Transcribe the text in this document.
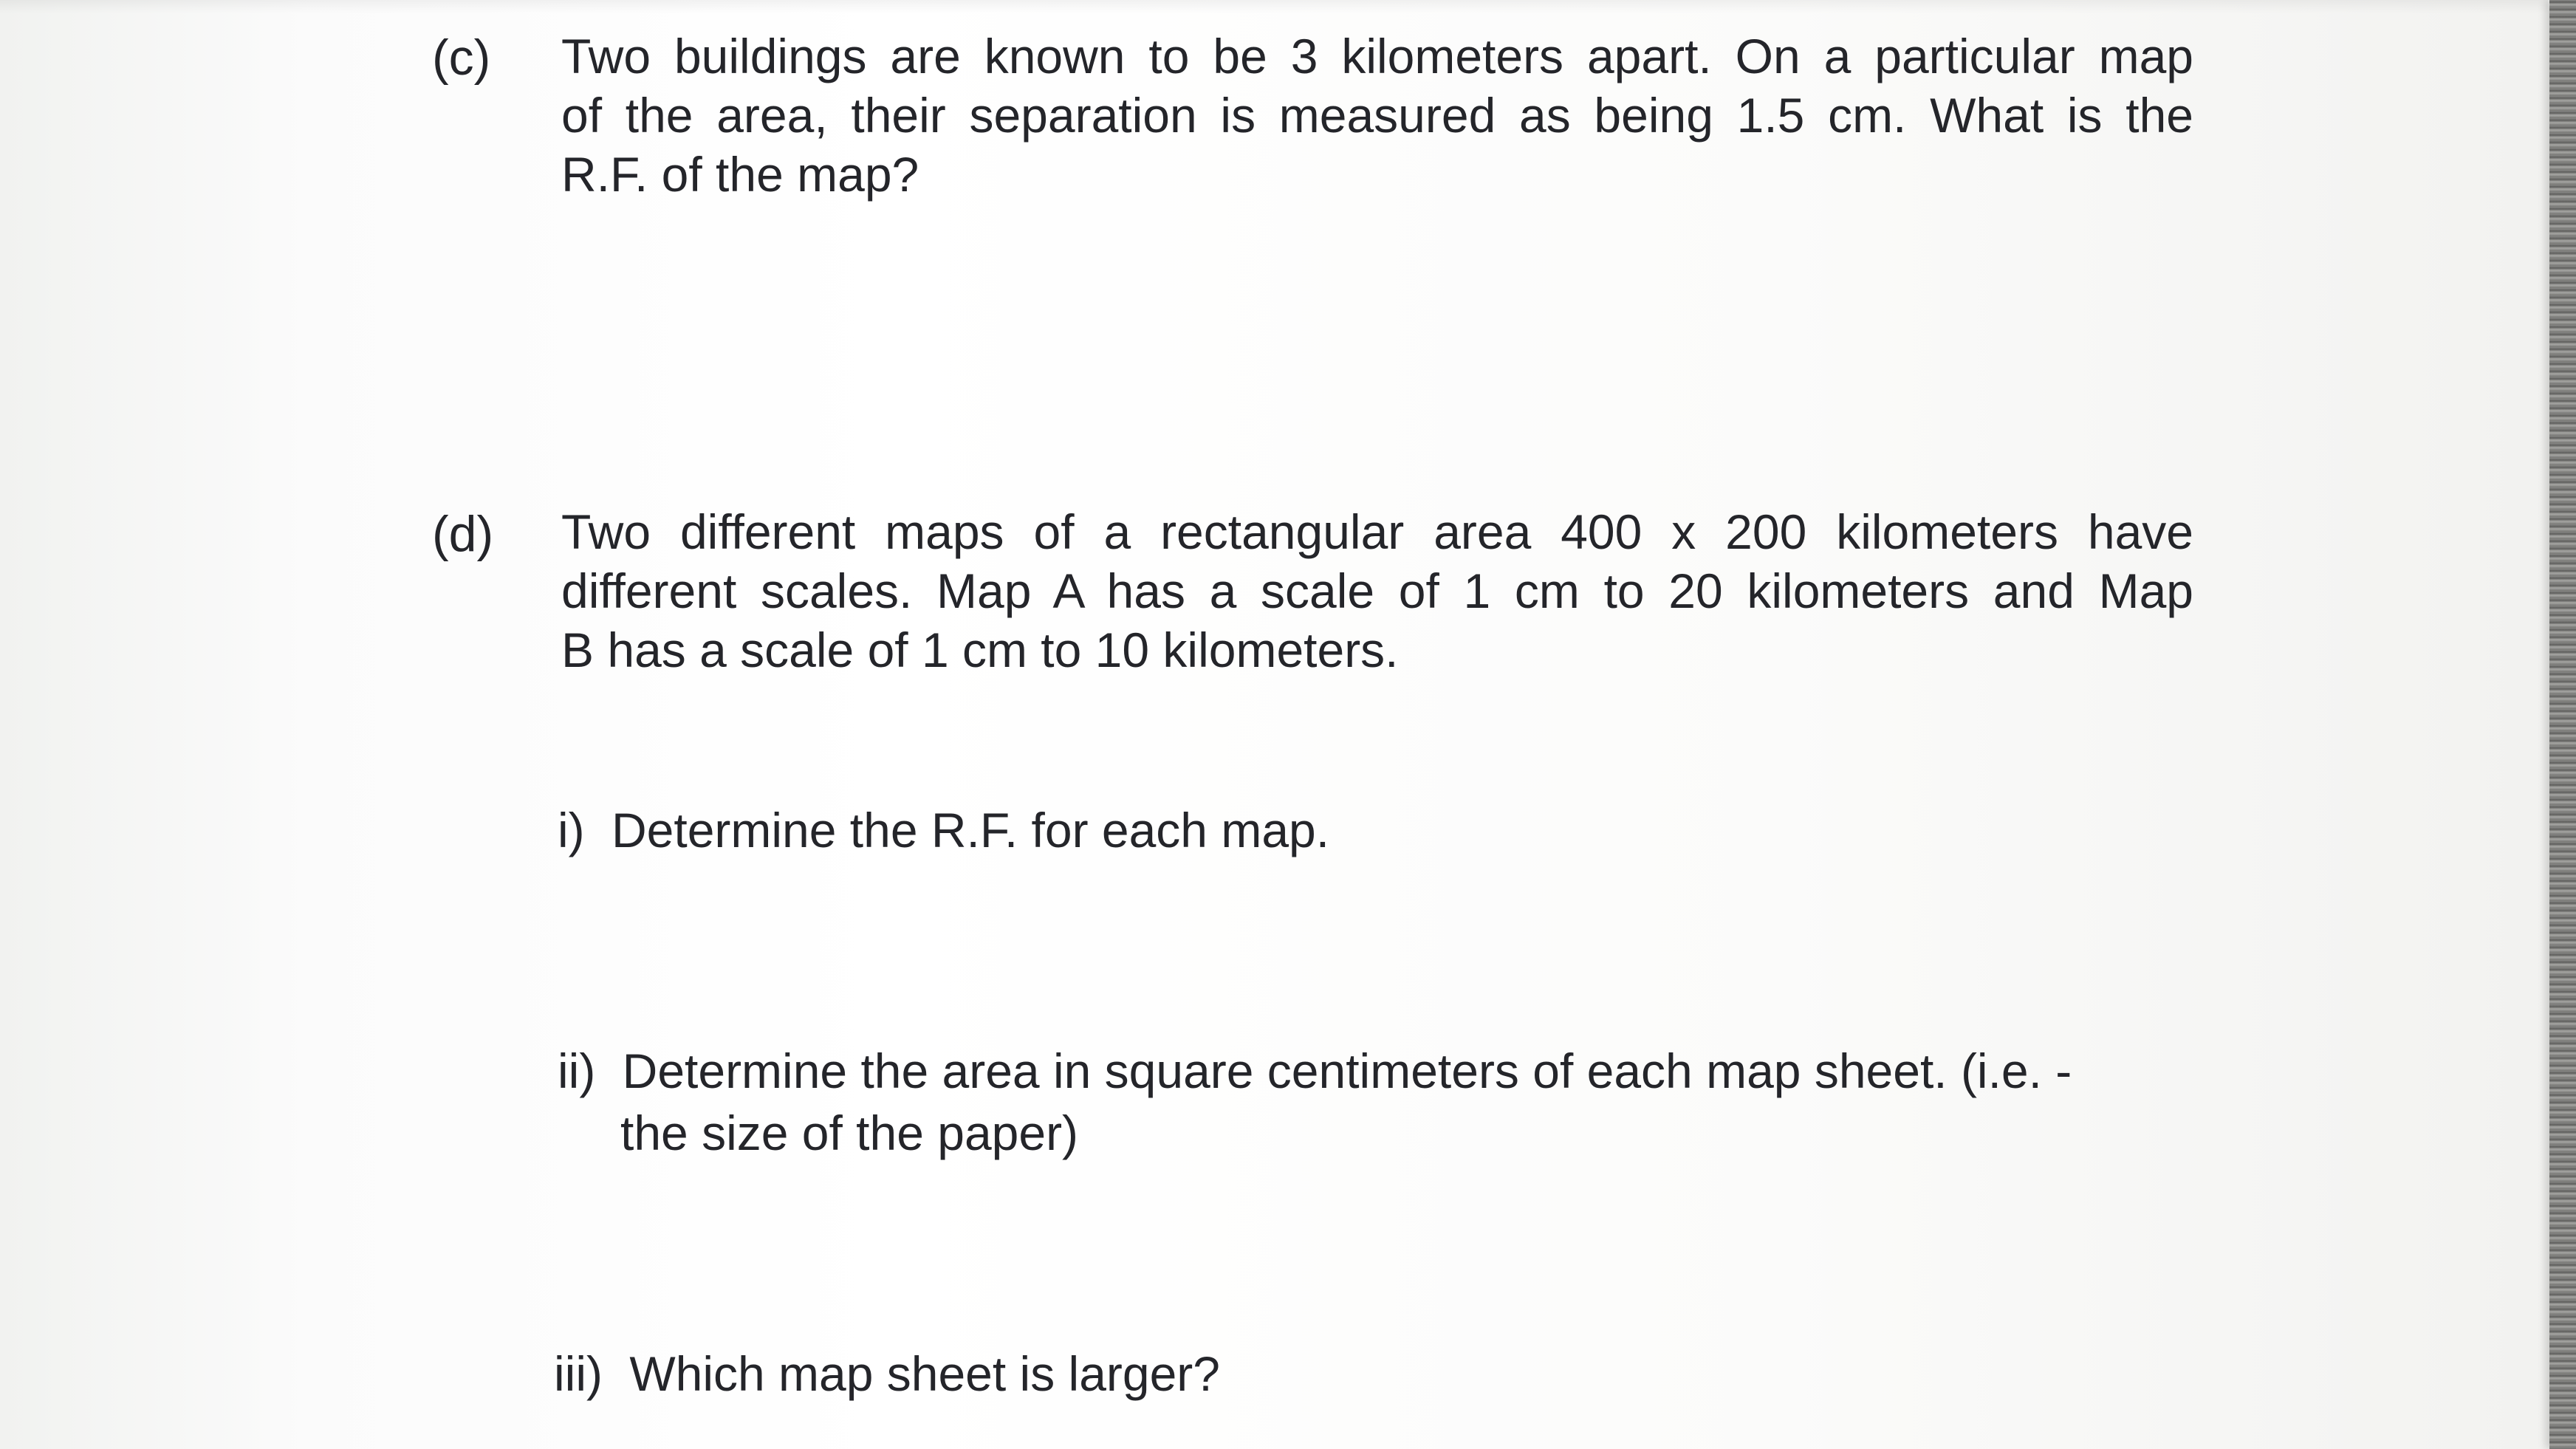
(c) Two buildings are known to be 3 kilometers apart. On a particular map
of the area, their separation is measured as being 1.5 cm. What is the
R.F. of the map?
(d) Two different maps of a rectangular area 400 x 200 kilometers have
different scales. Map A has a scale of 1 cm to 20 kilometers and Map
B has a scale of 1 cm to 10 kilometers.
i) Determine the R.F. for each map.
ii) Determine the area in square centimeters of each map sheet. (i.e. -
the size of the paper)
iii) Which map sheet is larger?
